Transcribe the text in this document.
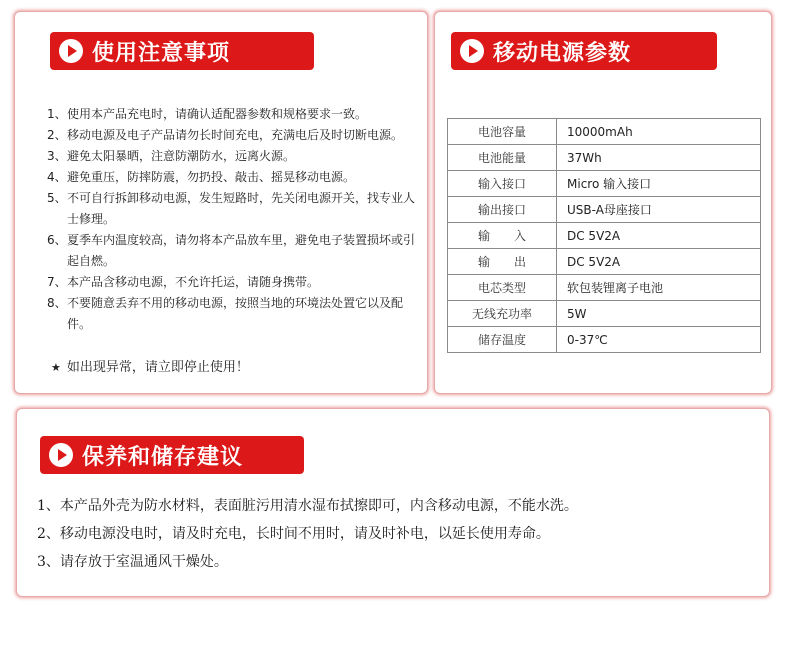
使用注意事项
1、 使用本产品充电时，请确认适配器参数和规格要求一致。
2、 移动电源及电子产品请勿长时间充电，充满电后及时切断电源。
3、 避免太阳暴晒，注意防潮防水，远离火源。
4、 避免重压，防摔防震，勿扔投、敲击、摇晃移动电源。
5、 不可自行拆卸移动电源，发生短路时，先关闭电源开关，找专业人士修理。
6、 夏季车内温度较高，请勿将本产品放车里，避免电子装置损坏或引起自燃。
7、 本产品含移动电源，不允许托运，请随身携带。
8、 不要随意丢弃不用的移动电源，按照当地的环境法处置它以及配件。
★ 如出现异常，请立即停止使用！
移动电源参数
电池容量	10000mAh
电池能量	37Wh
输入接口	Micro 输入接口
输出接口	USB-A母座接口
输　　入	DC 5V2A
输　　出	DC 5V2A
电芯类型	软包装锂离子电池
无线充功率	5W
储存温度	0-37℃
保养和储存建议
1、本产品外壳为防水材料，表面脏污用清水湿布拭擦即可，内含移动电源，不能水洗。
2、移动电源没电时，请及时充电，长时间不用时，请及时补电，以延长使用寿命。
3、请存放于室温通风干燥处。
